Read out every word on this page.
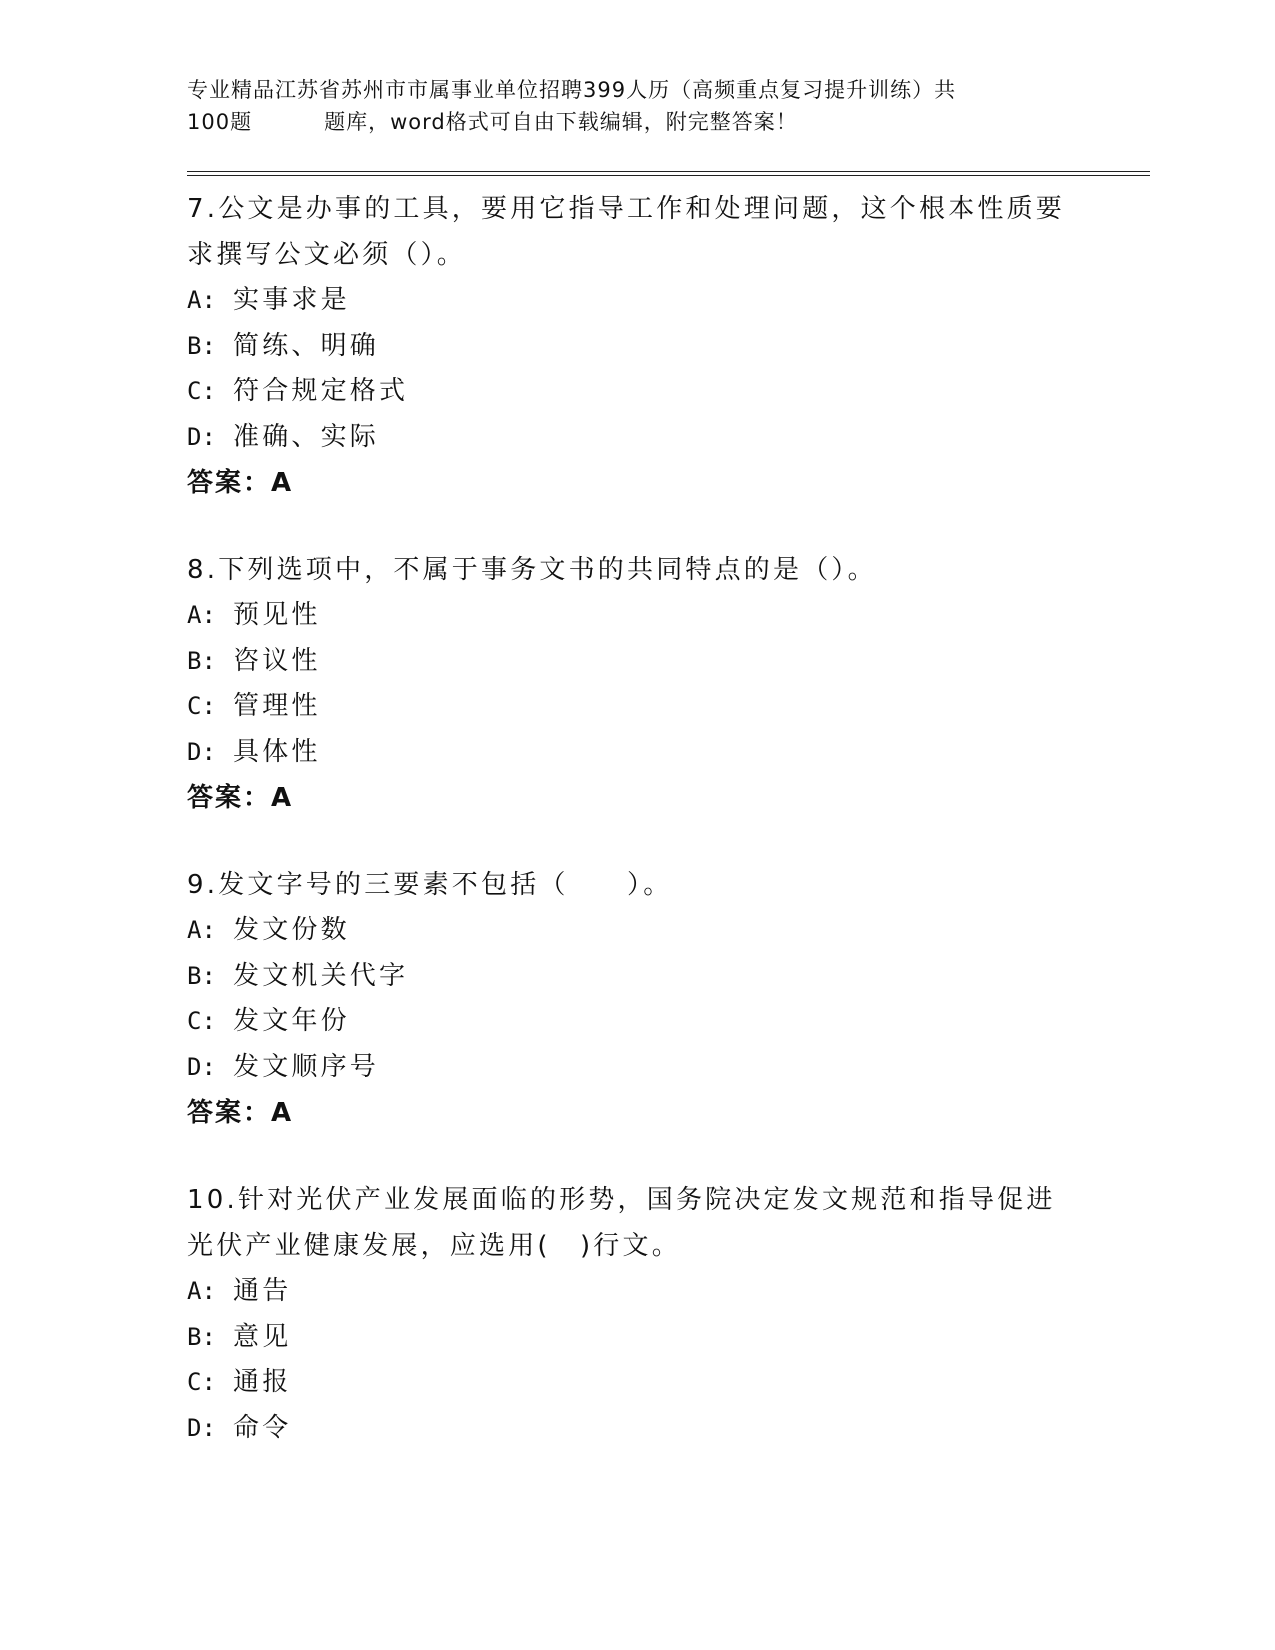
专业精品江苏省苏州市市属事业单位招聘399人历（高频重点复习提升训练）共
100题	题库，word格式可自由下载编辑，附完整答案！
7.公文是办事的工具，要用它指导工作和处理问题，这个根本性质要求撰写公文必须（）。
A: 实事求是
B: 简练、明确
C: 符合规定格式
D: 准确、实际
答案：A
8.下列选项中，不属于事务文书的共同特点的是（）。
A: 预见性
B: 咨议性
C: 管理性
D: 具体性
答案：A
9.发文字号的三要素不包括（　　）。
A: 发文份数
B: 发文机关代字
C: 发文年份
D: 发文顺序号
答案：A
10.针对光伏产业发展面临的形势，国务院决定发文规范和指导促进光伏产业健康发展，应选用(　)行文。
A: 通告
B: 意见
C: 通报
D: 命令
